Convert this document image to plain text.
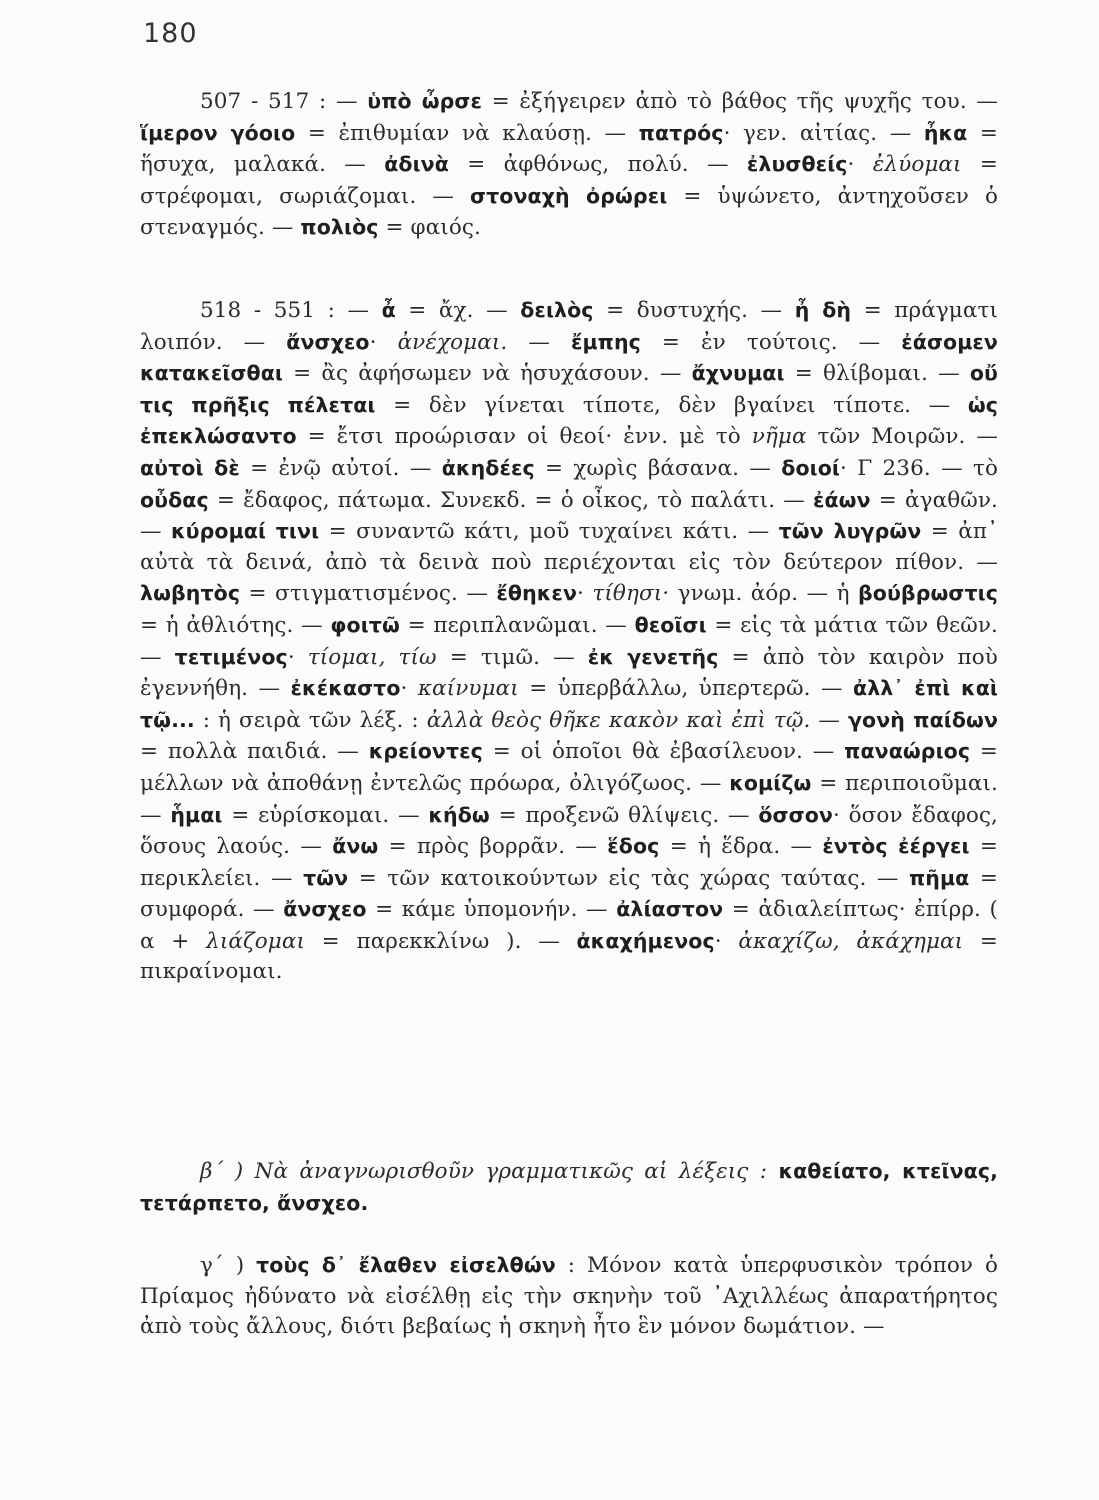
180
507 - 517 : — ὑπὸ ὦρσε = ἐξήγειρεν ἀπὸ τὸ βάθος τῆς ψυχῆς του. — ἵμερον γόοιο = ἐπιθυμίαν νὰ κλαύσῃ. — πατρός· γεν. αἰτίας. — ἦκα = ἥσυχα, μαλακά. — ἀδινὰ = ἀφθόνως, πολύ. — ἐλυσθείς· ἐλύομαι = στρέφομαι, σωριάζομαι. — στοναχὴ ὀρώρει = ὑψώνετο, ἀντηχοῦσεν ὁ στεναγμός. — πολιὸς = φαιός.
518 - 551 : — ἆ = ἄχ. — δειλὸς = δυστυχής. — ἦ δὴ = πράγματι λοιπόν. — ἄνσχεο· ἀνέχομαι. — ἔμπης = ἐν τούτοις. — ἐάσομεν κατακεῖσθαι = ἂς ἀφήσωμεν νὰ ἡσυχάσουν. — ἄχνυμαι = θλίβομαι. — οὔ τις πρῆξις πέλεται = δὲν γίνεται τίποτε, δὲν βγαίνει τίποτε. — ὡς ἐπεκλώσαντο = ἔτσι προώρισαν οἱ θεοί· ἐνν. μὲ τὸ νῆμα τῶν Μοιρῶν. — αὐτοὶ δὲ = ἐνῷ αὐτοί. — ἀκηδέες = χωρὶς βάσανα. — δοιοί· Γ 236. — τὸ οὖδας = ἔδαφος, πάτωμα. Συνεκδ. = ὁ οἶκος, τὸ παλάτι. — ἐάων = ἀγαθῶν. — κύρομαί τινι = συναντῶ κάτι, μοῦ τυχαίνει κάτι. — τῶν λυγρῶν = ἀπ᾽ αὐτὰ τὰ δεινά, ἀπὸ τὰ δεινὰ ποὺ περιέχονται εἰς τὸν δεύτερον πίθον. — λωβητὸς = στιγματισμένος. — ἔθηκεν· τίθησι· γνωμ. ἀόρ. — ἡ βούβρωστις = ἡ ἀθλιότης. — φοιτῶ = περιπλανῶμαι. — θεοῖσι = εἰς τὰ μάτια τῶν θεῶν. — τετιμένος· τίομαι, τίω = τιμῶ. — ἐκ γενετῆς = ἀπὸ τὸν καιρὸν ποὺ ἐγεννήθη. — ἐκέκαστο· καίνυμαι = ὑπερβάλλω, ὑπερτερῶ. — ἀλλ᾽ ἐπὶ καὶ τῷ... : ἡ σειρὰ τῶν λέξ. : ἀλλὰ θεὸς θῆκε κακὸν καὶ ἐπὶ τῷ. — γονὴ παίδων = πολλὰ παιδιά. — κρείοντες = οἱ ὁποῖοι θὰ ἐβασίλευον. — παναώριος = μέλλων νὰ ἀποθάνῃ ἐντελῶς πρόωρα, ὀλιγόζωος. — κομίζω = περιποιοῦμαι. — ἧμαι = εὑρίσκομαι. — κήδω = προξενῶ θλίψεις. — ὅσσον· ὅσον ἔδαφος, ὅσους λαούς. — ἄνω = πρὸς βορρᾶν. — ἕδος = ἡ ἕδρα. — ἐντὸς ἐέργει = περικλείει. — τῶν = τῶν κατοικούντων εἰς τὰς χώρας ταύτας. — πῆμα = συμφορά. — ἄνσχεο = κάμε ὑπομονήν. — ἀλίαστον = ἀδιαλείπτως· ἐπίρρ. ( α + λιάζομαι = παρεκκλίνω ). — ἀκαχήμενος· ἀκαχίζω, ἀκάχημαι = πικραίνομαι.
β΄ ) Νὰ ἀναγνωρισθοῦν γραμματικῶς αἱ λέξεις : καθείατο, κτεῖνας, τετάρπετο, ἄνσχεο.
γ΄ ) τοὺς δ᾽ ἔλαθεν εἰσελθών : Μόνον κατὰ ὑπερφυσικὸν τρόπον ὁ Πρίαμος ἠδύνατο νὰ εἰσέλθῃ εἰς τὴν σκηνὴν τοῦ ᾽Αχιλλέως ἀπαρατήρητος ἀπὸ τοὺς ἄλλους, διότι βεβαίως ἡ σκηνὴ ἦτο ἓν μόνον δωμάτιον. —
